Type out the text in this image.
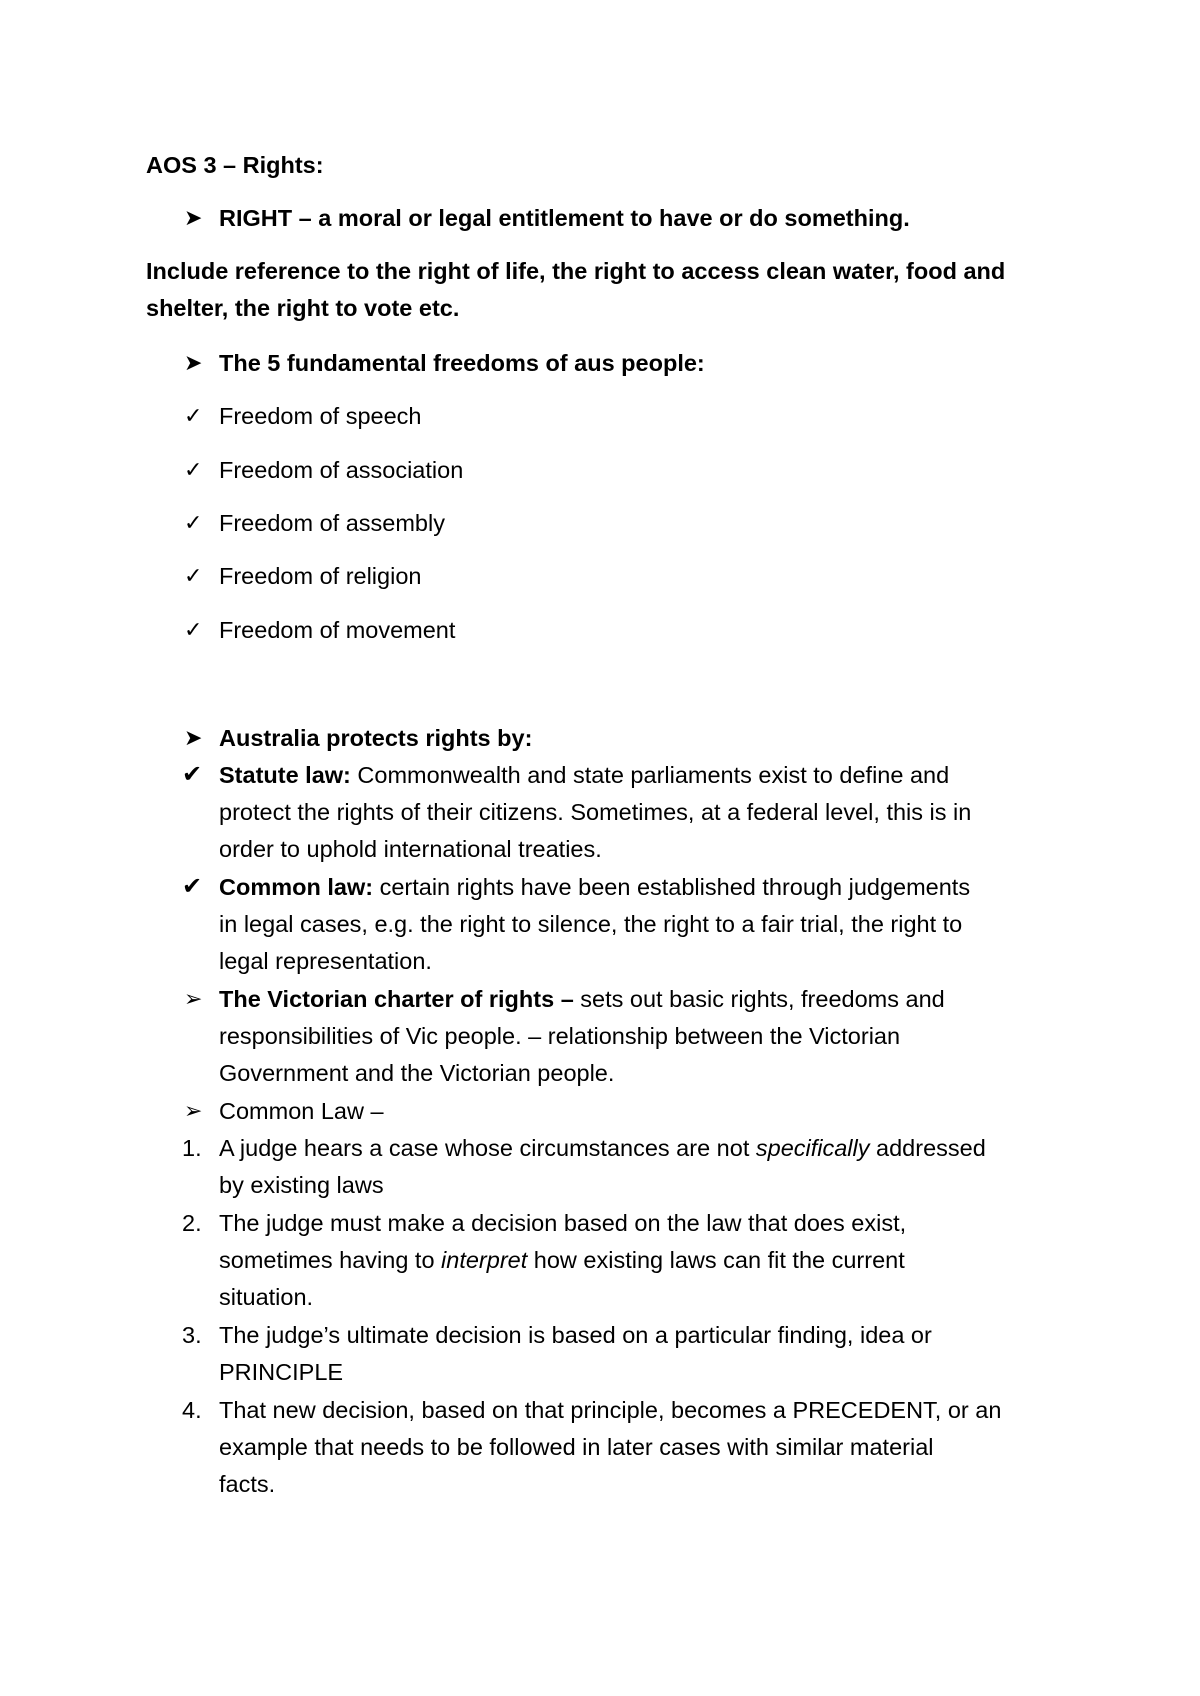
AOS 3 – Rights:
➤ RIGHT – a moral or legal entitlement to have or do something.
Include reference to the right of life, the right to access clean water, food and
shelter, the right to vote etc.
➤ The 5 fundamental freedoms of aus people:
✓ Freedom of speech
✓ Freedom of association
✓ Freedom of assembly
✓ Freedom of religion
✓ Freedom of movement
➤ Australia protects rights by:
✔ Statute law: Commonwealth and state parliaments exist to define and
protect the rights of their citizens. Sometimes, at a federal level, this is in
order to uphold international treaties.
✔ Common law: certain rights have been established through judgements
in legal cases, e.g. the right to silence, the right to a fair trial, the right to
legal representation.
➢ The Victorian charter of rights – sets out basic rights, freedoms and
responsibilities of Vic people. – relationship between the Victorian
Government and the Victorian people.
➢ Common Law –
1. A judge hears a case whose circumstances are not specifically addressed
by existing laws
2. The judge must make a decision based on the law that does exist,
sometimes having to interpret how existing laws can fit the current
situation.
3. The judge’s ultimate decision is based on a particular finding, idea or
PRINCIPLE
4. That new decision, based on that principle, becomes a PRECEDENT, or an
example that needs to be followed in later cases with similar material
facts.
